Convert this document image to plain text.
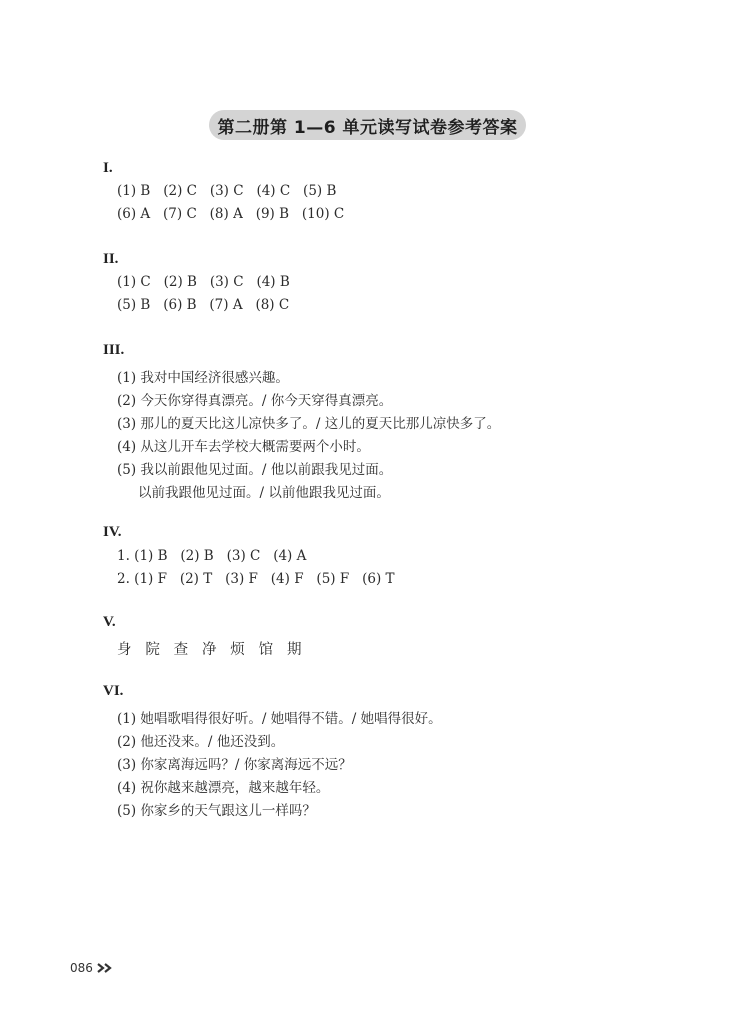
第二册第 1—6 单元读写试卷参考答案
I.
(1) B   (2) C   (3) C   (4) C   (5) B
(6) A   (7) C   (8) A   (9) B   (10) C
II.
(1) C   (2) B   (3) C   (4) B
(5) B   (6) B   (7) A   (8) C
III.
(1) 我对中国经济很感兴趣。
(2) 今天你穿得真漂亮。/ 你今天穿得真漂亮。
(3) 那儿的夏天比这儿凉快多了。/ 这儿的夏天比那儿凉快多了。
(4) 从这儿开车去学校大概需要两个小时。
(5) 我以前跟他见过面。/ 他以前跟我见过面。
以前我跟他见过面。/ 以前他跟我见过面。
IV.
1. (1) B   (2) B   (3) C   (4) A
2. (1) F   (2) T   (3) F   (4) F   (5) F   (6) T
V.
身   院   查   净   烦   馆   期
VI.
(1) 她唱歌唱得很好听。/ 她唱得不错。/ 她唱得很好。
(2) 他还没来。/ 他还没到。
(3) 你家离海远吗？/ 你家离海远不远？
(4) 祝你越来越漂亮，越来越年轻。
(5) 你家乡的天气跟这儿一样吗？
086
